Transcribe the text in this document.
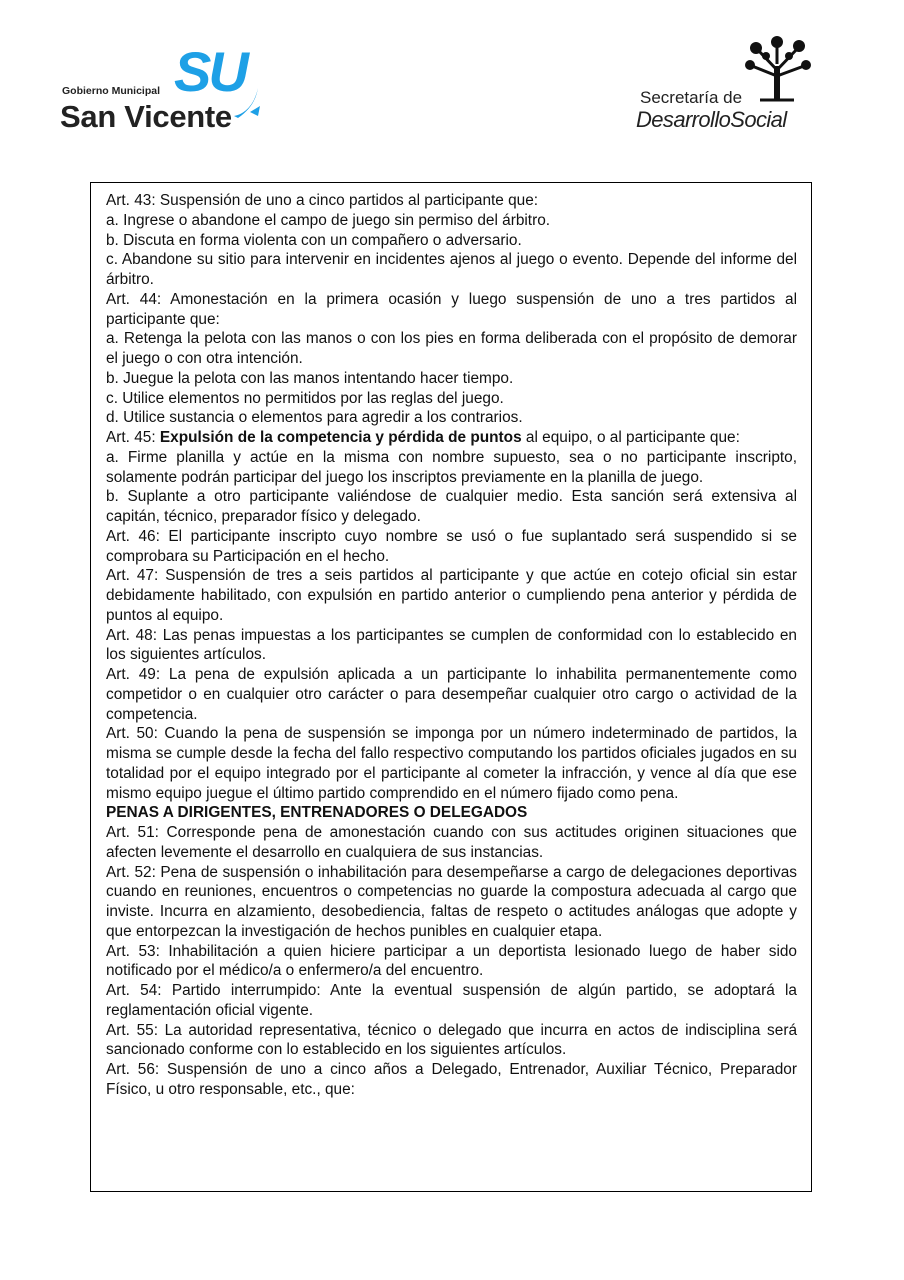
SU
Gobierno Municipal
San Vicente
Secretaría de
DesarrolloSocial

Art. 43: Suspensión de uno a cinco partidos al participante que:

a. Ingrese o abandone el campo de juego sin permiso del árbitro.

b. Discuta en forma violenta con un compañero o adversario.

c. Abandone su sitio para intervenir en incidentes ajenos al juego o evento. Depende del informe del árbitro.

Art. 44: Amonestación en la primera ocasión y luego suspensión de uno a tres partidos al participante que:

a. Retenga la pelota con las manos o con los pies en forma deliberada con el propósito de demorar el juego o con otra intención.

b. Juegue la pelota con las manos intentando hacer tiempo.

c. Utilice elementos no permitidos por las reglas del juego.

d. Utilice sustancia o elementos para agredir a los contrarios.

Art. 45: Expulsión de la competencia y pérdida de puntos al equipo, o al participante que:

a. Firme planilla y actúe en la misma con nombre supuesto, sea o no participante inscripto, solamente podrán participar del juego los inscriptos previamente en la planilla de juego.

b. Suplante a otro participante valiéndose de cualquier medio. Esta sanción será extensiva al capitán, técnico, preparador físico y delegado.

Art. 46: El participante inscripto cuyo nombre se usó o fue suplantado será suspendido si se comprobara su Participación en el hecho.

Art. 47: Suspensión de tres a seis partidos al participante y que actúe en cotejo oficial sin estar debidamente habilitado, con expulsión en partido anterior o cumpliendo pena anterior y pérdida de puntos al equipo.

Art. 48: Las penas impuestas a los participantes se cumplen de conformidad con lo establecido en los siguientes artículos.

Art. 49: La pena de expulsión aplicada a un participante lo inhabilita permanentemente como competidor o en cualquier otro carácter o para desempeñar cualquier otro cargo o actividad de la competencia.

Art. 50: Cuando la pena de suspensión se imponga por un número indeterminado de partidos, la misma se cumple desde la fecha del fallo respectivo computando los partidos oficiales jugados en su totalidad por el equipo integrado por el participante al cometer la infracción, y vence al día que ese mismo equipo juegue el último partido comprendido en el número fijado como pena.

PENAS A DIRIGENTES, ENTRENADORES O DELEGADOS

Art. 51: Corresponde pena de amonestación cuando con sus actitudes originen situaciones que afecten levemente el desarrollo en cualquiera de sus instancias.

Art. 52: Pena de suspensión o inhabilitación para desempeñarse a cargo de delegaciones deportivas cuando en reuniones, encuentros o competencias no guarde la compostura adecuada al cargo que inviste. Incurra en alzamiento, desobediencia, faltas de respeto o actitudes análogas que adopte y que entorpezcan la investigación de hechos punibles en cualquier etapa.

Art. 53: Inhabilitación a quien hiciere participar a un deportista lesionado luego de haber sido notificado por el médico/a o enfermero/a del encuentro.

Art. 54: Partido interrumpido: Ante la eventual suspensión de algún partido, se adoptará la reglamentación oficial vigente.

Art. 55: La autoridad representativa, técnico o delegado que incurra en actos de indisciplina será sancionado conforme con lo establecido en los siguientes artículos.

Art. 56: Suspensión de uno a cinco años a Delegado, Entrenador, Auxiliar Técnico, Preparador Físico, u otro responsable, etc., que:
